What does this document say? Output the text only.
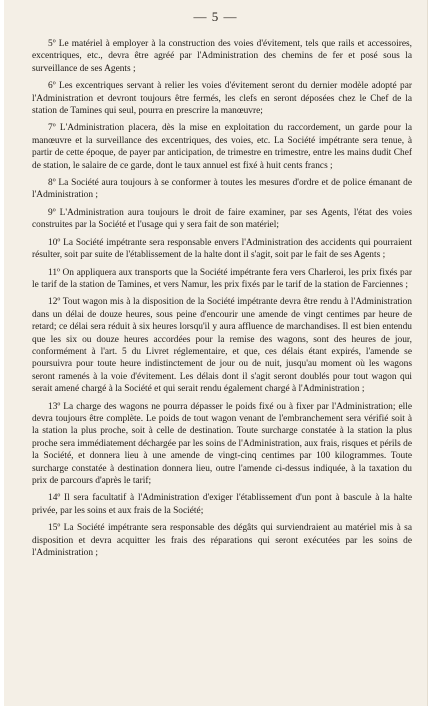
— 5 —

5º Le matériel à employer à la construction des voies d'évitement, tels que rails et accessoires, excentriques, etc., devra être agréé par l'Administration des chemins de fer et posé sous la surveillance de ses Agents ;

6º Les excentriques servant à relier les voies d'évitement seront du dernier modèle adopté par l'Administration et devront toujours être fermés, les clefs en seront déposées chez le Chef de la station de Tamines qui seul, pourra en prescrire la manœuvre;

7º L'Administration placera, dès la mise en exploitation du raccordement, un garde pour la manœuvre et la surveillance des excentriques, des voies, etc. La Société impétrante sera tenue, à partir de cette époque, de payer par anticipation, de trimestre en trimestre, entre les mains dudit Chef de station, le salaire de ce garde, dont le taux annuel est fixé à huit cents francs ;

8º La Société aura toujours à se conformer à toutes les mesures d'ordre et de police émanant de l'Administration ;

9º L'Administration aura toujours le droit de faire examiner, par ses Agents, l'état des voies construites par la Société et l'usage qui y sera fait de son matériel;

10º La Société impétrante sera responsable envers l'Administration des accidents qui pourraient résulter, soit par suite de l'établissement de la halte dont il s'agit, soit par le fait de ses Agents ;

11º On appliquera aux transports que la Société impétrante fera vers Charleroi, les prix fixés par le tarif de la station de Tamines, et vers Namur, les prix fixés par le tarif de la station de Farciennes ;

12º Tout wagon mis à la disposition de la Société impétrante devra être rendu à l'Administration dans un délai de douze heures, sous peine d'encourir une amende de vingt centimes par heure de retard; ce délai sera réduit à six heures lorsqu'il y aura affluence de marchandises. Il est bien entendu que les six ou douze heures accordées pour la remise des wagons, sont des heures de jour, conformément à l'art. 5 du Livret réglementaire, et que, ces délais étant expirés, l'amende se poursuivra pour toute heure indistinctement de jour ou de nuit, jusqu'au moment où les wagons seront ramenés à la voie d'évitement. Les délais dont il s'agit seront doublés pour tout wagon qui serait amené chargé à la Société et qui serait rendu également chargé à l'Administration ;

13º La charge des wagons ne pourra dépasser le poids fixé ou à fixer par l'Administration; elle devra toujours être complète. Le poids de tout wagon venant de l'embranchement sera vérifié soit à la station la plus proche, soit à celle de destination. Toute surcharge constatée à la station la plus proche sera immédiatement déchargée par les soins de l'Administration, aux frais, risques et périls de la Société, et donnera lieu à une amende de vingt-cinq centimes par 100 kilogrammes. Toute surcharge constatée à destination donnera lieu, outre l'amende ci-dessus indiquée, à la taxation du prix de parcours d'après le tarif;

14º Il sera facultatif à l'Administration d'exiger l'établissement d'un pont à bascule à la halte privée, par les soins et aux frais de la Société;

15º La Société impétrante sera responsable des dégâts qui surviendraient au matériel mis à sa disposition et devra acquitter les frais des réparations qui seront exécutées par les soins de l'Administration ;
